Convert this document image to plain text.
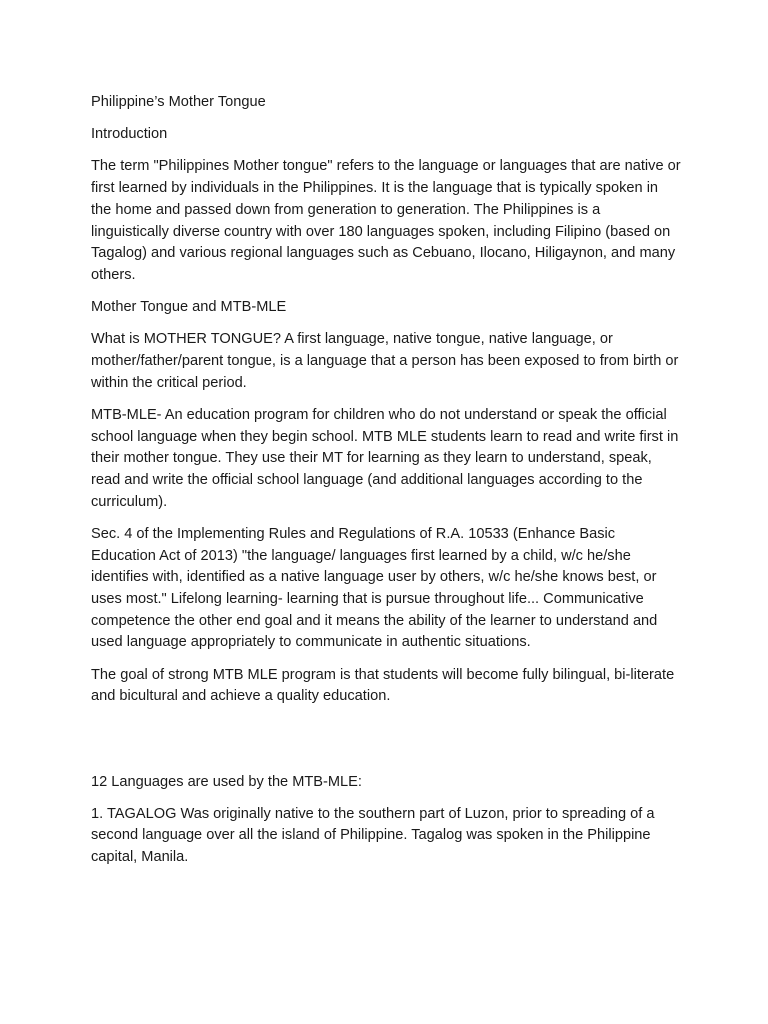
Philippine’s Mother Tongue

Introduction

The term "Philippines Mother tongue" refers to the language or languages that are native or first learned by individuals in the Philippines. It is the language that is typically spoken in the home and passed down from generation to generation. The Philippines is a linguistically diverse country with over 180 languages spoken, including Filipino (based on Tagalog) and various regional languages such as Cebuano, Ilocano, Hiligaynon, and many others.

Mother Tongue and MTB-MLE

What is MOTHER TONGUE? A first language, native tongue, native language, or mother/father/parent tongue, is a language that a person has been exposed to from birth or within the critical period.

MTB-MLE- An education program for children who do not understand or speak the official school language when they begin school. MTB MLE students learn to read and write first in their mother tongue. They use their MT for learning as they learn to understand, speak, read and write the official school language (and additional languages according to the curriculum).

Sec. 4 of the Implementing Rules and Regulations of R.A. 10533 (Enhance Basic Education Act of 2013) "the language/ languages first learned by a child, w/c he/she identifies with, identified as a native language user by others, w/c he/she knows best, or uses most." Lifelong learning- learning that is pursue throughout life... Communicative competence the other end goal and it means the ability of the learner to understand and used language appropriately to communicate in authentic situations.

The goal of strong MTB MLE program is that students will become fully bilingual, bi-literate and bicultural and achieve a quality education.

12 Languages are used by the MTB-MLE:

1. TAGALOG Was originally native to the southern part of Luzon, prior to spreading of a second language over all the island of Philippine. Tagalog was spoken in the Philippine capital, Manila.
